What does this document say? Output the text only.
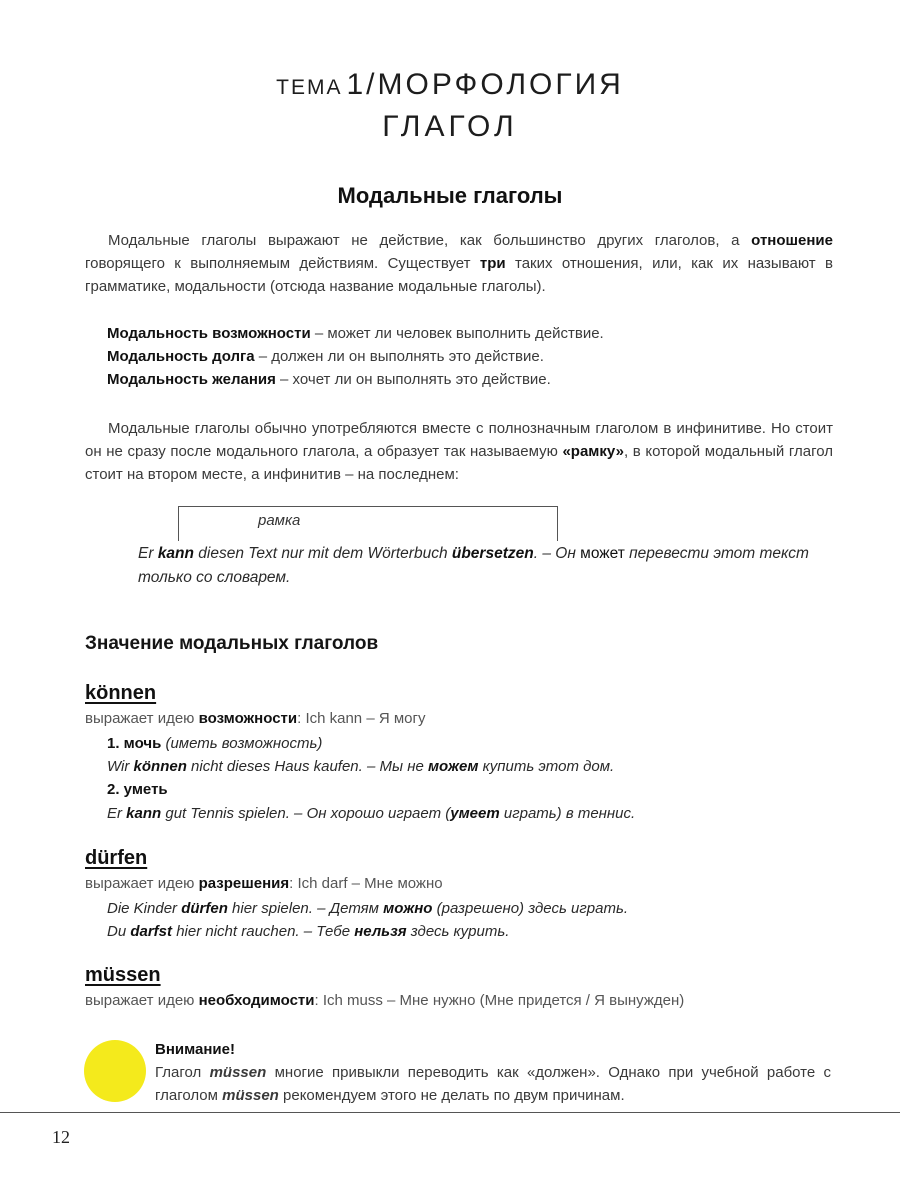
ТЕМА 1/МОРФОЛОГИЯ
ГЛАГОЛ
Модальные глаголы
Модальные глаголы выражают не действие, как большинство других глаголов, а отношение говорящего к выполняемым действиям. Существует три таких отношения, или, как их называют в грамматике, модальности (отсюда название модальные глаголы).
Модальность возможности – может ли человек выполнить действие.
Модальность долга – должен ли он выполнять это действие.
Модальность желания – хочет ли он выполнять это действие.
Модальные глаголы обычно употребляются вместе с полнозначным глаголом в инфинитиве. Но стоит он не сразу после модального глагола, а образует так называемую «рамку», в которой модальный глагол стоит на втором месте, а инфинитив – на последнем:
рамка
Er kann diesen Text nur mit dem Wörterbuch übersetzen. – Он может перевести этот текст только со словарем.
Значение модальных глаголов
können
выражает идею возможности: Ich kann – Я могу
1. мочь (иметь возможность)
Wir können nicht dieses Haus kaufen. – Мы не можем купить этот дом.
2. уметь
Er kann gut Tennis spielen. – Он хорошо играет (умеет играть) в теннис.
dürfen
выражает идею разрешения: Ich darf – Мне можно
Die Kinder dürfen hier spielen. – Детям можно (разрешено) здесь играть.
Du darfst hier nicht rauchen. – Тебе нельзя здесь курить.
müssen
выражает идею необходимости: Ich muss – Мне нужно (Мне придется / Я вынужден)
Внимание!
Глагол müssen многие привыкли переводить как «должен». Однако при учебной работе с глаголом müssen рекомендуем этого не делать по двум причинам.
12
